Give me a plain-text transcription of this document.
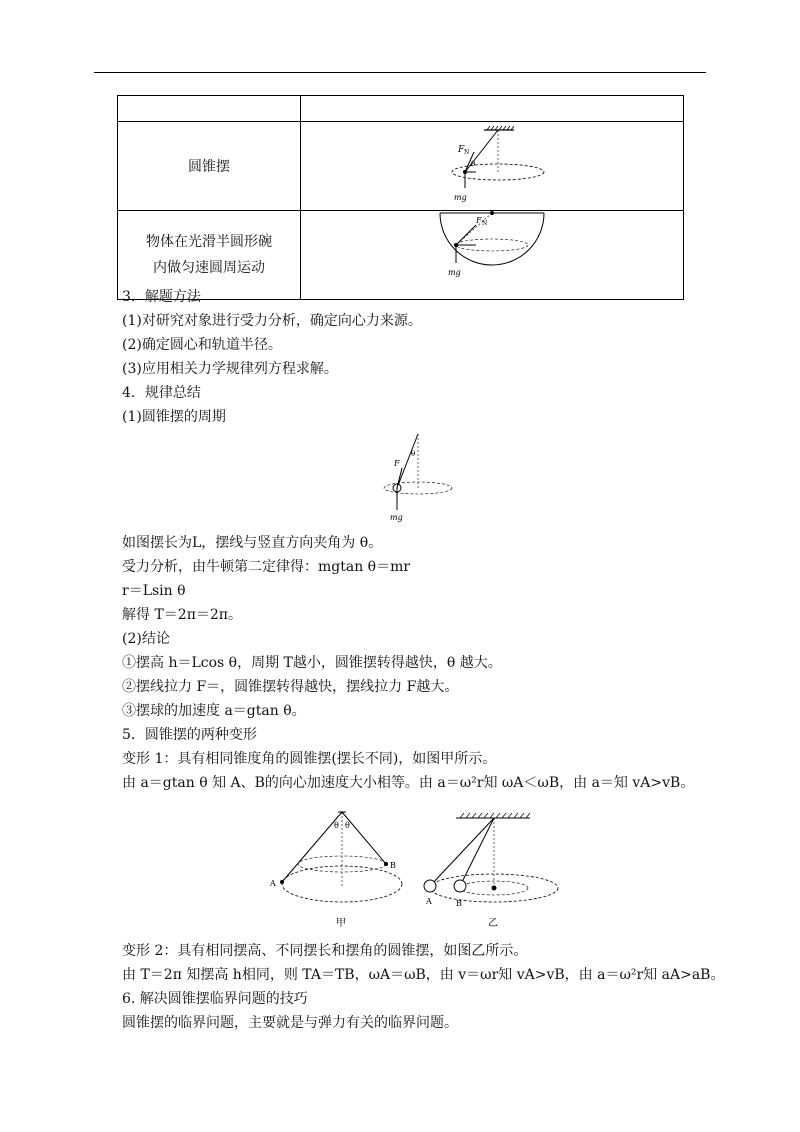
圆锥摆	F N
θ
mg

物体在光滑半圆形碗
内做匀速圆周运动	F N
mg
3．解题方法
(1)对研究对象进行受力分析，确定向心力来源。
(2)确定圆心和轨道半径。
(3)应用相关力学规律列方程求解。
4．规律总结
(1)圆锥摆的周期
θ
F
mg
如图摆长为L，摆线与竖直方向夹角为 θ。
受力分析，由牛顿第二定律得：mgtan θ＝mr
r＝Lsin θ
解得 T＝2π＝2π。
(2)结论
①摆高 h＝Lcos θ，周期 T越小，圆锥摆转得越快，θ 越大。
②摆线拉力 F＝，圆锥摆转得越快，摆线拉力 F越大。
③摆球的加速度 a＝gtan θ。
5．圆锥摆的两种变形
变形 1：具有相同锥度角的圆锥摆(摆长不同)，如图甲所示。
由 a＝gtan θ 知 A、B的向心加速度大小相等。由 a＝ω²r知 ωA＜ωB，由 a＝知 vA>vB。
θ θ
A
B
甲
A	B
乙
变形 2：具有相同摆高、不同摆长和摆角的圆锥摆，如图乙所示。
由 T＝2π 知摆高 h相同，则 TA＝TB，ωA＝ωB，由 v＝ωr知 vA>vB，由 a＝ω²r知 aA>aB。
6. 解决圆锥摆临界问题的技巧
圆锥摆的临界问题，主要就是与弹力有关的临界问题。
